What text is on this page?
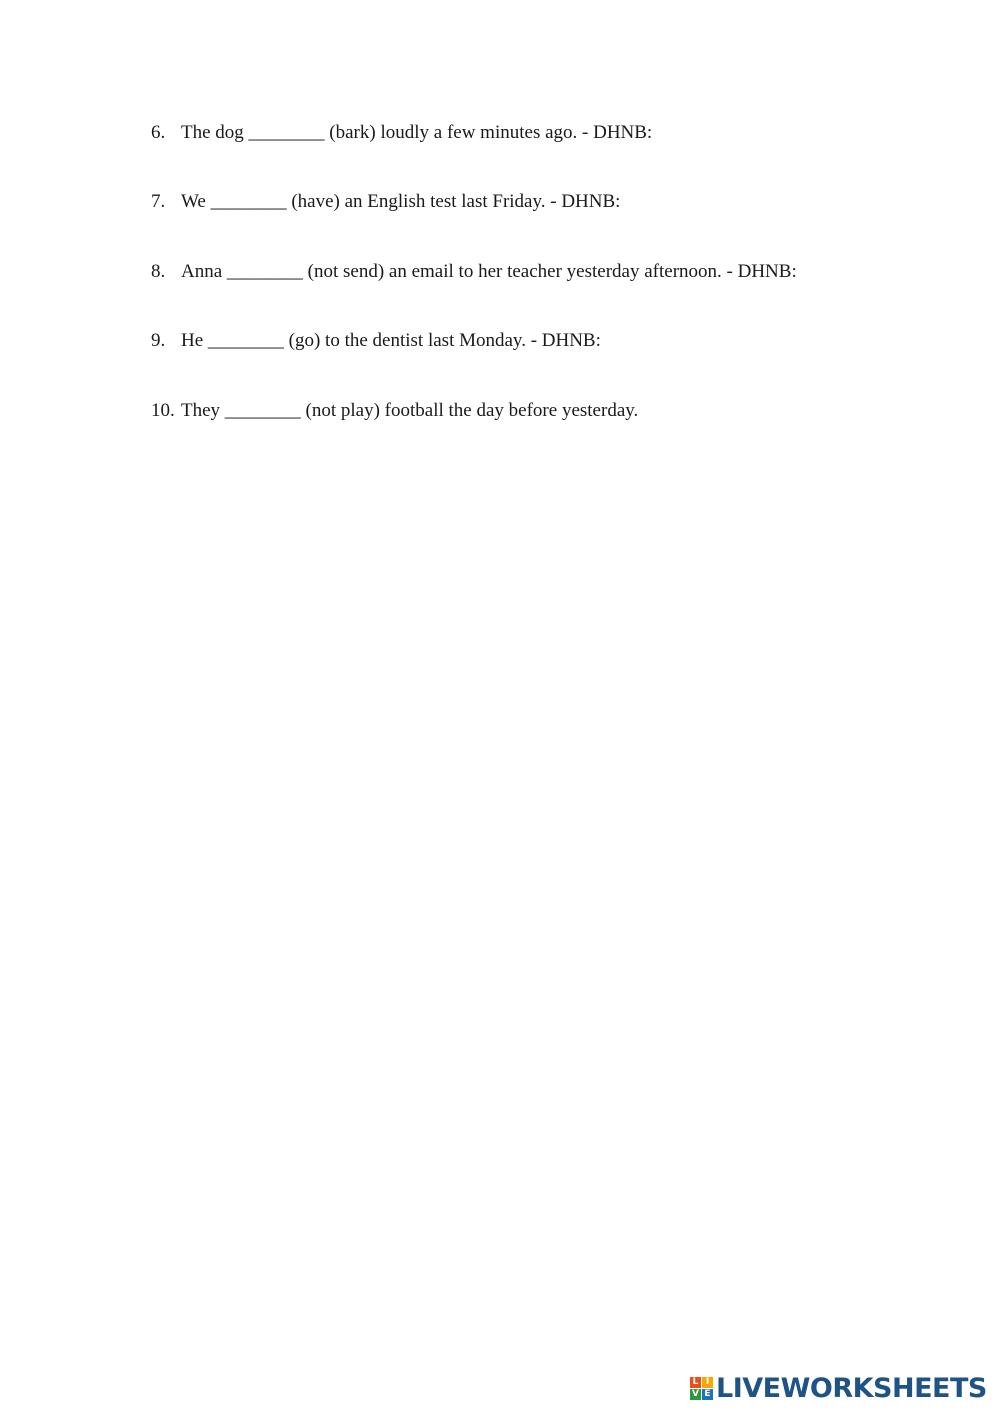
6. The dog ________ (bark) loudly a few minutes ago. - DHNB:
7. We ________ (have) an English test last Friday. - DHNB:
8. Anna ________ (not send) an email to her teacher yesterday afternoon. - DHNB:
9. He ________ (go) to the dentist last Monday. - DHNB:
10. They ________ (not play) football the day before yesterday.
L I
V E LIVEWORKSHEETS
